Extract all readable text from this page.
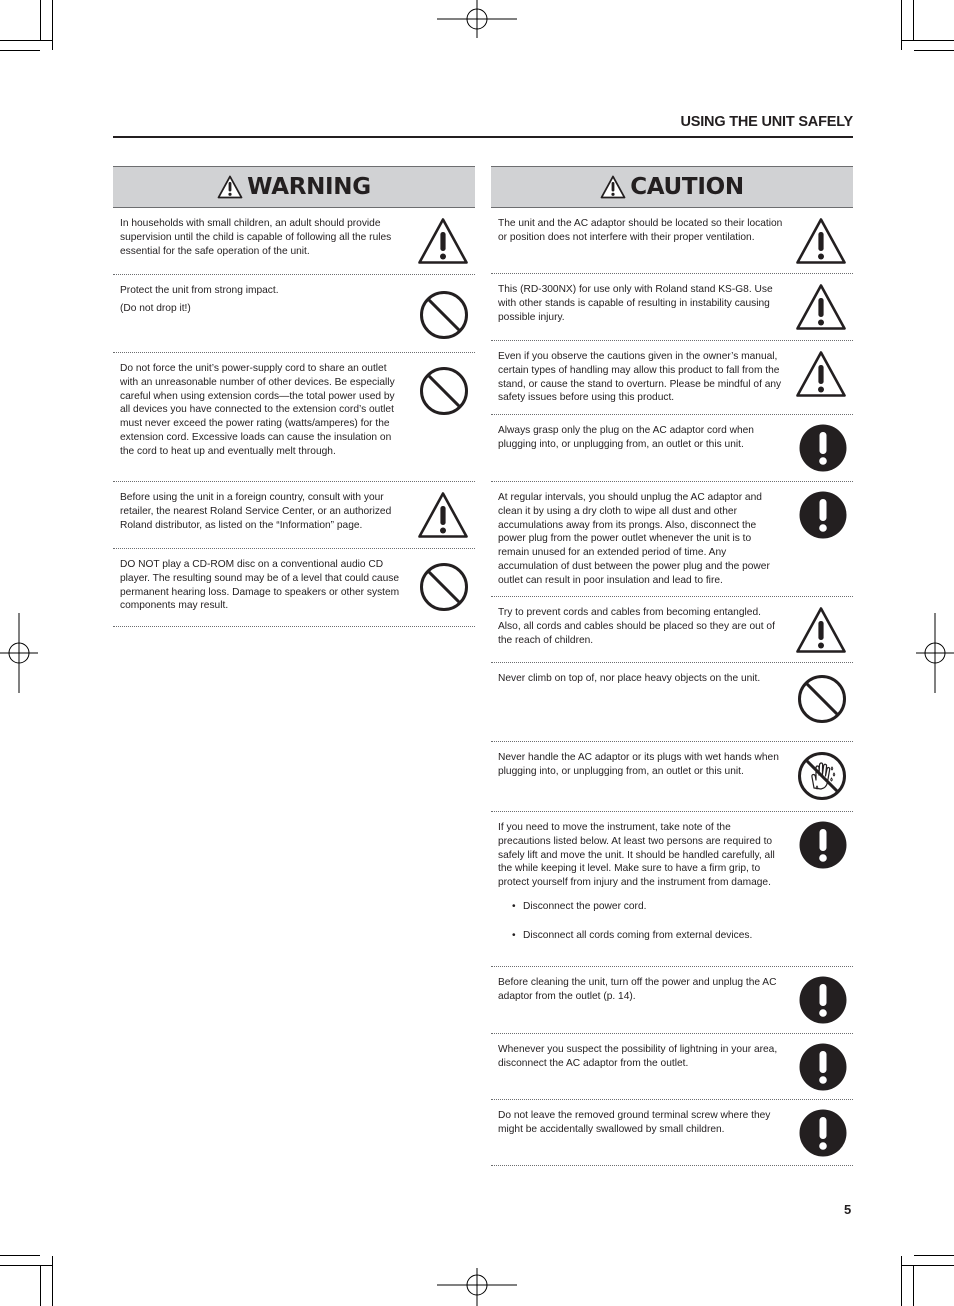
USING THE UNIT SAFELY
WARNING

In households with small children, an adult should provide supervision until the child is capable of following all the rules essential for the safe operation of the unit.

Protect the unit from strong impact.

(Do not drop it!)

Do not force the unit’s power-supply cord to share an outlet with an unreasonable number of other devices. Be especially careful when using extension cords—the total power used by all devices you have connected to the extension cord’s outlet must never exceed the power rating (watts/amperes) for the extension cord. Excessive loads can cause the insulation on the cord to heat up and eventually melt through.

Before using the unit in a foreign country, consult with your retailer, the nearest Roland Service Center, or an authorized Roland distributor, as listed on the “Information” page.

DO NOT play a CD-ROM disc on a conventional audio CD player. The resulting sound may be of a level that could cause permanent hearing loss. Damage to speakers or other system components may result.

CAUTION

The unit and the AC adaptor should be located so their location or position does not interfere with their proper ventilation.

This (RD-300NX) for use only with Roland stand KS-G8. Use with other stands is capable of resulting in instability causing possible injury.

Even if you observe the cautions given in the owner’s manual, certain types of handling may allow this product to fall from the stand, or cause the stand to overturn. Please be mindful of any safety issues before using this product.

Always grasp only the plug on the AC adaptor cord when plugging into, or unplugging from, an outlet or this unit.

At regular intervals, you should unplug the AC adaptor and clean it by using a dry cloth to wipe all dust and other accumulations away from its prongs. Also, disconnect the power plug from the power outlet whenever the unit is to remain unused for an extended period of time. Any accumulation of dust between the power plug and the power outlet can result in poor insulation and lead to fire.

Try to prevent cords and cables from becoming entangled. Also, all cords and cables should be placed so they are out of the reach of children.

Never climb on top of, nor place heavy objects on the unit.

Never handle the AC adaptor or its plugs with wet hands when plugging into, or unplugging from, an outlet or this unit.

If you need to move the instrument, take note of the precautions listed below. At least two persons are required to safely lift and move the unit. It should be handled carefully, all the while keeping it level. Make sure to have a firm grip, to protect yourself from injury and the instrument from damage.

• Disconnect the power cord.
• Disconnect all cords coming from external devices.

Before cleaning the unit, turn off the power and unplug the AC adaptor from the outlet (p. 14).

Whenever you suspect the possibility of lightning in your area, disconnect the AC adaptor from the outlet.

Do not leave the removed ground terminal screw where they might be accidentally swallowed by small children.

5
